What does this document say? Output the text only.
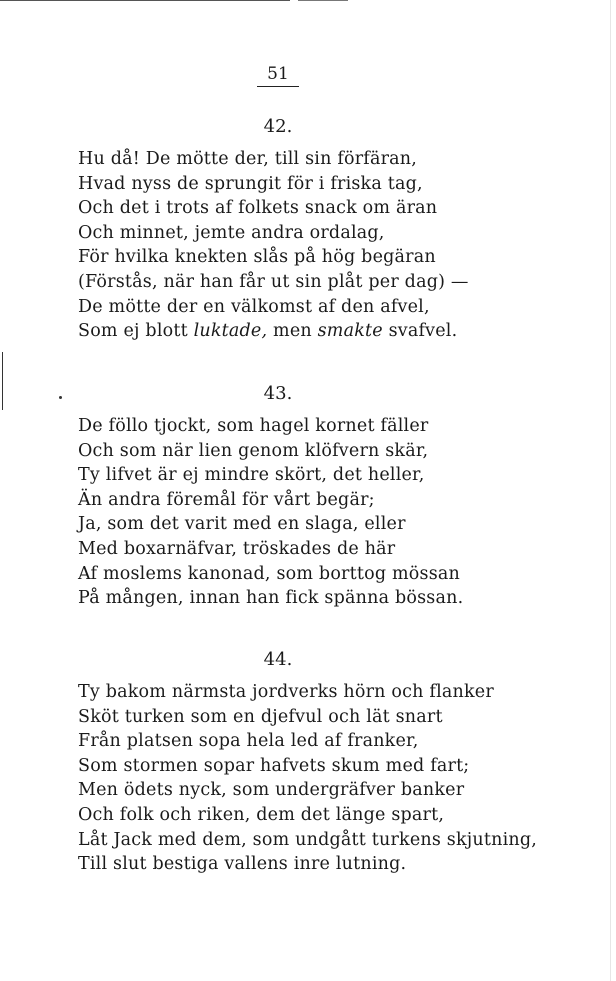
51
42.
Hu då! De mötte der, till sin förfäran,
Hvad nyss de sprungit för i friska tag,
Och det i trots af folkets snack om äran
Och minnet, jemte andra ordalag,
För hvilka knekten slås på hög begäran
(Förstås, när han får ut sin plåt per dag) —
De mötte der en välkomst af den afvel,
Som ej blott luktade, men smakte svafvel.
43.
De föllo tjockt, som hagel kornet fäller
Och som när lien genom klöfvern skär,
Ty lifvet är ej mindre skört, det heller,
Än andra föremål för vårt begär;
Ja, som det varit med en slaga, eller
Med boxarnäfvar, tröskades de här
Af moslems kanonad, som borttog mössan
På mången, innan han fick spänna bössan.
44.
Ty bakom närmsta jordverks hörn och flanker
Sköt turken som en djefvul och lät snart
Från platsen sopa hela led af franker,
Som stormen sopar hafvets skum med fart;
Men ödets nyck, som undergräfver banker
Och folk och riken, dem det länge spart,
Låt Jack med dem, som undgått turkens skjutning,
Till slut bestiga vallens inre lutning.
